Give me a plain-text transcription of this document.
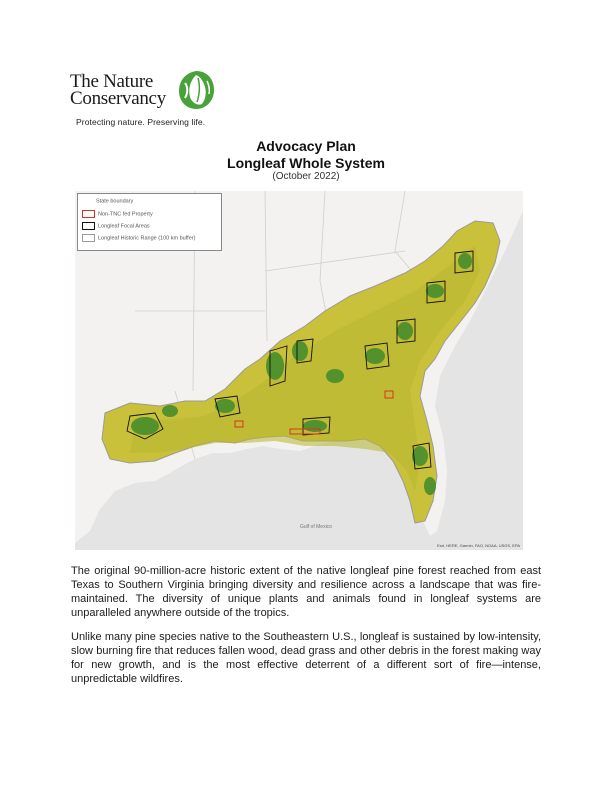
The Nature
Conservancy
Protecting nature. Preserving life.
Advocacy Plan
Longleaf Whole System
(October 2022)
State boundary
Non-TNC fed Property
Longleaf Focal Areas
Longleaf Historic Range (100 km buffer)
Gulf of Mexico
Esri, HERE, Garmin, FAO, NOAA, USGS, EPA

The original 90-million-acre historic extent of the native longleaf pine forest reached from east Texas to Southern Virginia bringing diversity and resilience across a landscape that was fire-maintained. The diversity of unique plants and animals found in longleaf systems are unparalleled anywhere outside of the tropics.

Unlike many pine species native to the Southeastern U.S., longleaf is sustained by low-intensity, slow burning fire that reduces fallen wood, dead grass and other debris in the forest making way for new growth, and is the most effective deterrent of a different sort of fire—intense, unpredictable wildfires.
